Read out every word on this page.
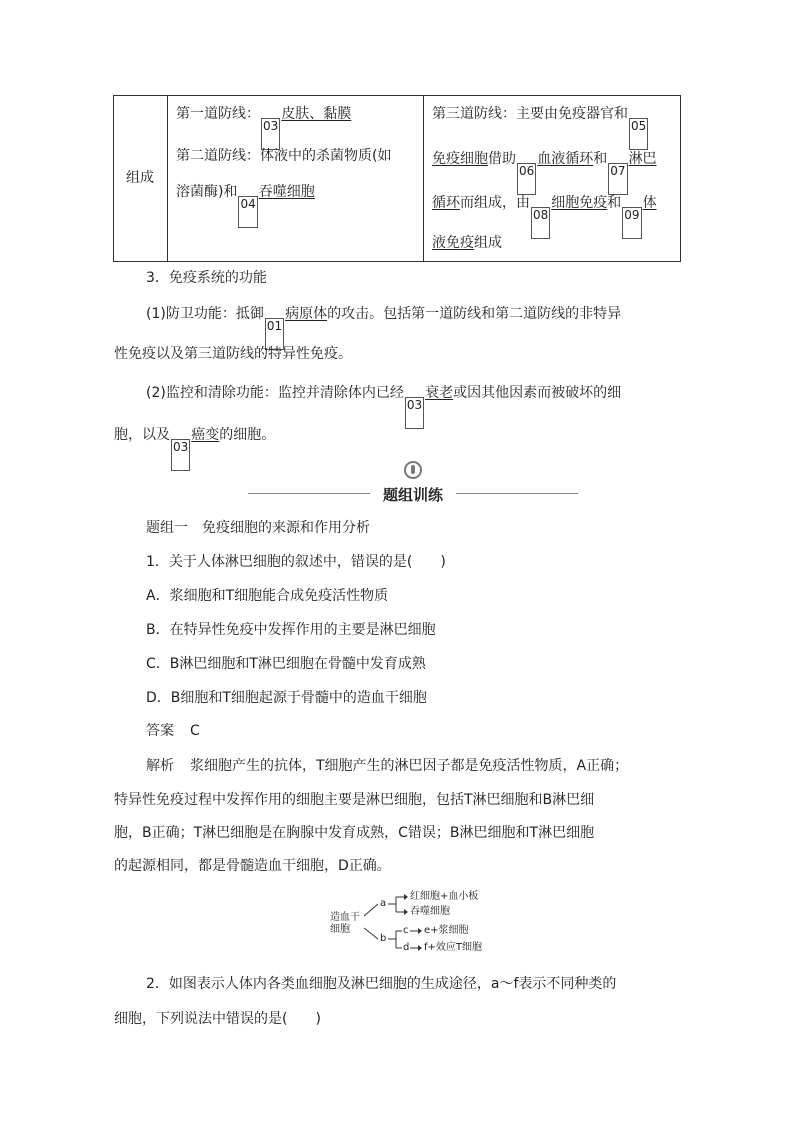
组成
第一道防线：03皮肤、黏膜
第二道防线：体液中的杀菌物质(如
溶菌酶)和04吞噬细胞
第三道防线：主要由免疫器官和05
免疫细胞借助06血液循环和07淋巴
循环而组成，由08细胞免疫和09体
液免疫组成
3．免疫系统的功能
(1)防卫功能：抵御01病原体的攻击。包括第一道防线和第二道防线的非特异
性免疫以及第三道防线的特异性免疫。
(2)监控和清除功能：监控并清除体内已经03衰老或因其他因素而被破坏的细
胞，以及03癌变的细胞。
题组训练
题组一　免疫细胞的来源和作用分析
1．关于人体淋巴细胞的叙述中，错误的是(　　)
A．浆细胞和T细胞能合成免疫活性物质
B．在特异性免疫中发挥作用的主要是淋巴细胞
C．B淋巴细胞和T淋巴细胞在骨髓中发育成熟
D．B细胞和T细胞起源于骨髓中的造血干细胞
答案 C
解析 浆细胞产生的抗体，T细胞产生的淋巴因子都是免疫活性物质，A正确；
特异性免疫过程中发挥作用的细胞主要是淋巴细胞，包括T淋巴细胞和B淋巴细
胞，B正确；T淋巴细胞是在胸腺中发育成熟，C错误；B淋巴细胞和T淋巴细胞
的起源相同，都是骨髓造血干细胞，D正确。
造血干
细胞
a
b
红细胞+血小板
吞噬细胞
c
d
e+浆细胞
f+效应T细胞
2．如图表示人体内各类血细胞及淋巴细胞的生成途径，a～f表示不同种类的
细胞，下列说法中错误的是(　　)
